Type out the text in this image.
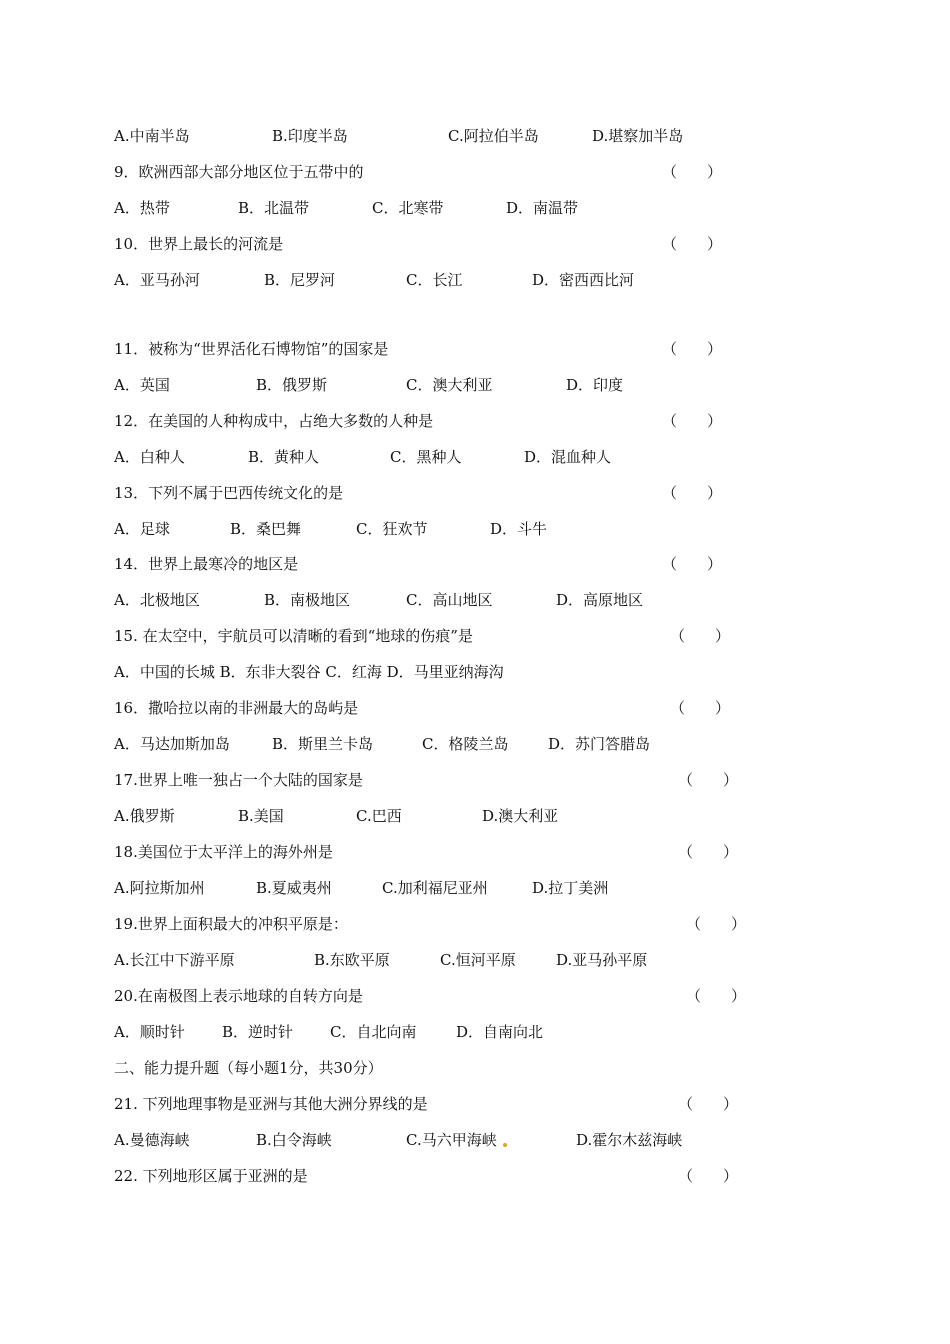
A.中南半岛	B.印度半岛	C.阿拉伯半岛	D.堪察加半岛
9．欧洲西部大部分地区位于五带中的	（　　）
A．热带	B．北温带	C．北寒带	D．南温带
10．世界上最长的河流是	（　　）
A．亚马孙河	B．尼罗河	C．长江	D．密西西比河
11．被称为“世界活化石博物馆”的国家是	（　　）
A．英国	B．俄罗斯	C．澳大利亚	D．印度
12．在美国的人种构成中，占绝大多数的人种是	（　　）
A．白种人	B．黄种人	C．黑种人	D．混血种人
13．下列不属于巴西传统文化的是	（　　）
A．足球	B．桑巴舞	C．狂欢节	D．斗牛
14．世界上最寒冷的地区是	（　　）
A．北极地区	B．南极地区	C．高山地区	D．高原地区
15. 在太空中，宇航员可以清晰的看到“地球的伤痕”是	（　　）
A．中国的长城 B．东非大裂谷 C．红海 D．马里亚纳海沟
16．撒哈拉以南的非洲最大的岛屿是	（　　）
A．马达加斯加岛	B．斯里兰卡岛	C．格陵兰岛	D．苏门答腊岛
17.世界上唯一独占一个大陆的国家是	（　　）
A.俄罗斯	B.美国	C.巴西	D.澳大利亚
18.美国位于太平洋上的海外州是	（　　）
A.阿拉斯加州	B.夏威夷州	C.加利福尼亚州	D.拉丁美洲
19.世界上面积最大的冲积平原是：	（　　）
A.长江中下游平原	B.东欧平原	C.恒河平原	D.亚马孙平原
20.在南极图上表示地球的自转方向是	（　　）
A．顺时针 B．逆时针 C．自北向南	D．自南向北
二、能力提升题（每小题1分，共30分）
21. 下列地理事物是亚洲与其他大洲分界线的是	（　　）
A.曼德海峡	B.白令海峡	C.马六甲海峡	D.霍尔木兹海峡
22. 下列地形区属于亚洲的是	（　　）
